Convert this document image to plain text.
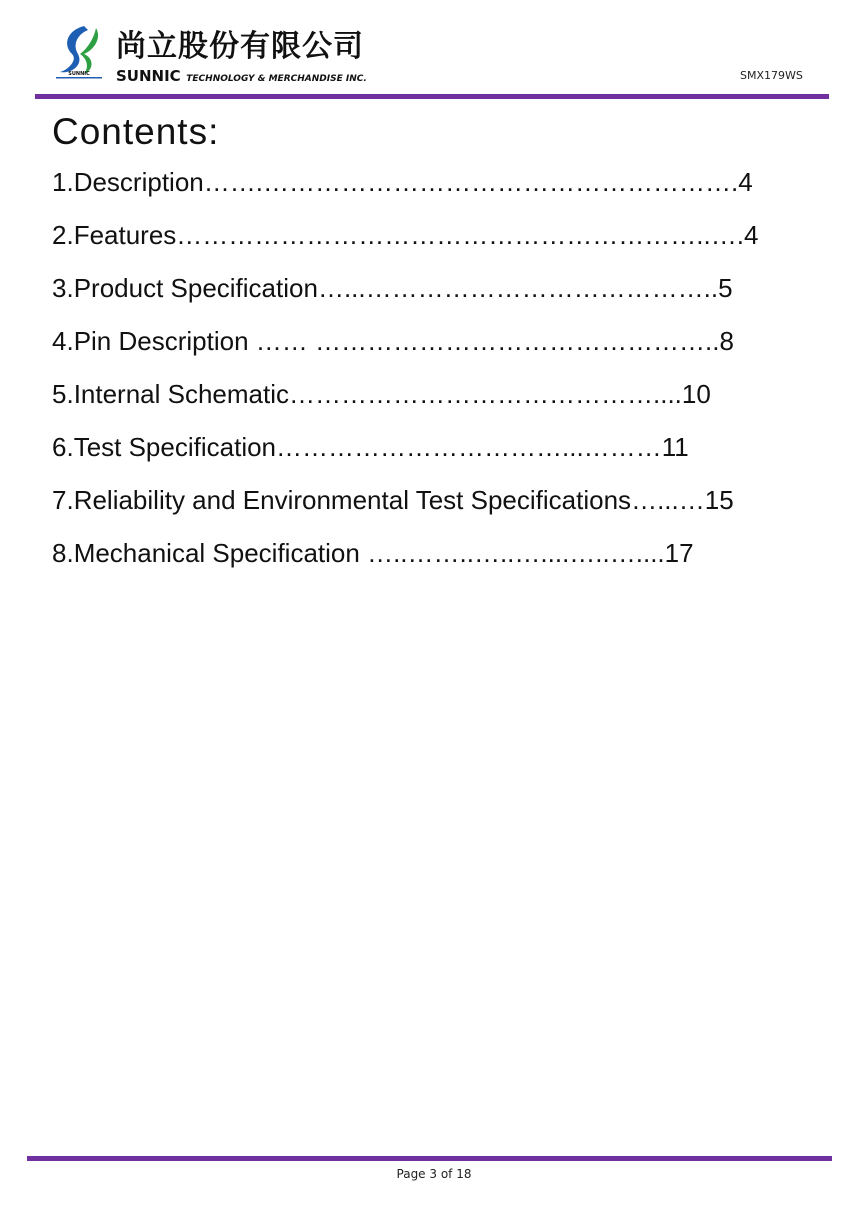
SUNNIC
尚立股份有限公司
SUNNIC TECHNOLOGY & MERCHANDISE INC.	SMX179WS
Contents:
1.Description…….……………………………………………….4
2.Features……………………………………………………..….4
3.Product Specification…...…………………………………..5
4.Pin Description …… ………………………………………..8
5.Internal Schematic……………………………………....10
6.Test Specification……………………………...………11
7.Reliability and Environmental Test Specifications…...…15
8.Mechanical Specification …..……..…..…....…..…....17
Page 3 of 18
